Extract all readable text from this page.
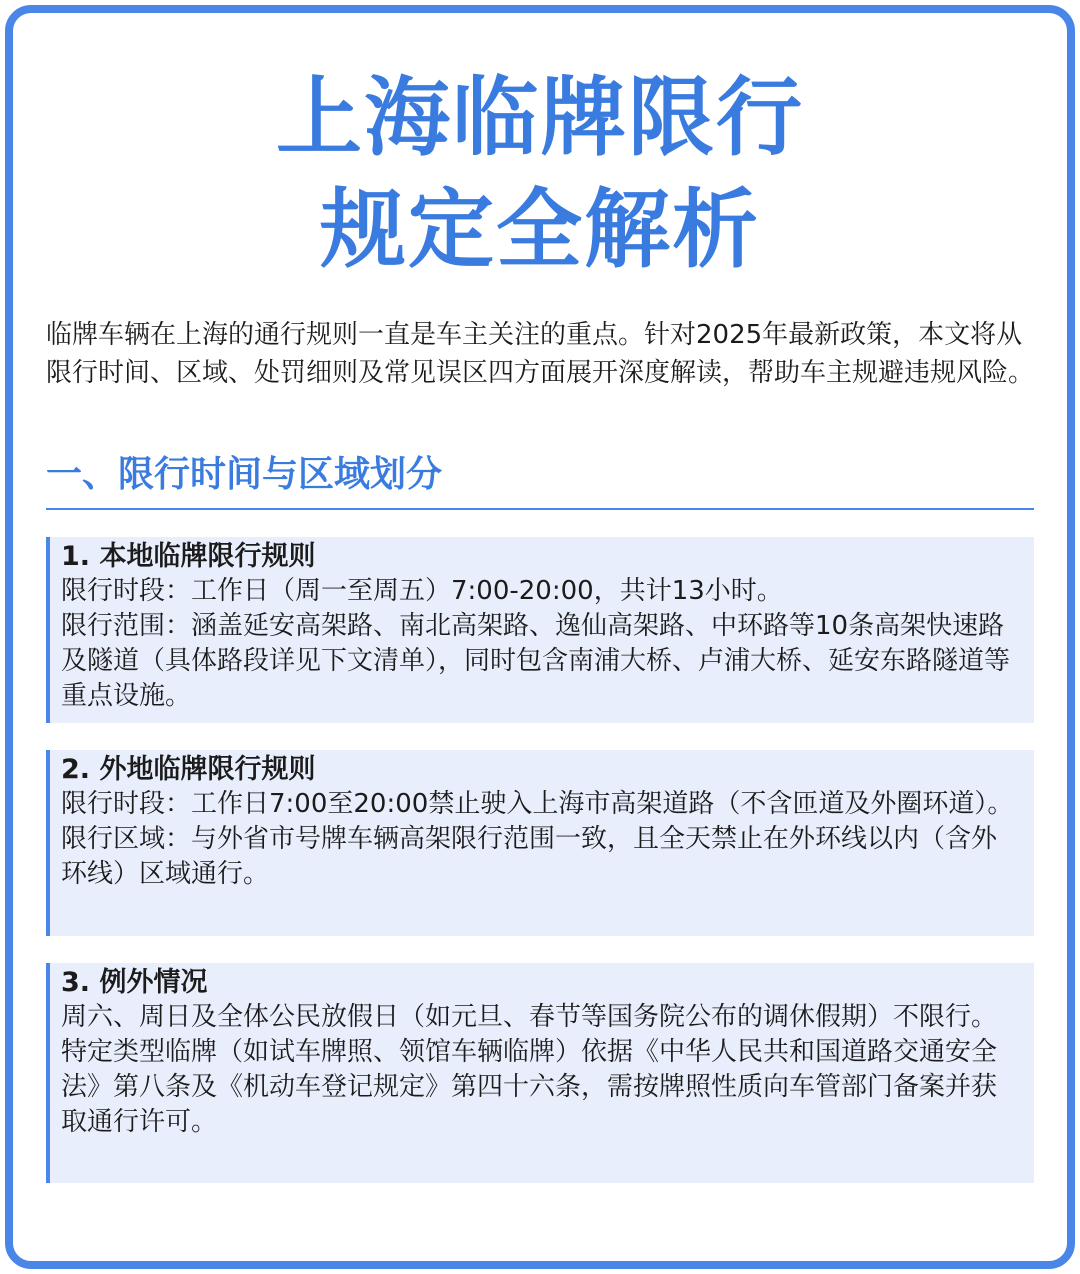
上海临牌限行
规定全解析
临牌车辆在上海的通行规则一直是车主关注的重点。针对2025年最新政策，本文将从限行时间、区域、处罚细则及常见误区四方面展开深度解读，帮助车主规避违规风险。
一、限行时间与区域划分
1. 本地临牌限行规则
限行时段：工作日（周一至周五）7:00-20:00，共计13小时。
限行范围：涵盖延安高架路、南北高架路、逸仙高架路、中环路等10条高架快速路及隧道（具体路段详见下文清单），同时包含南浦大桥、卢浦大桥、延安东路隧道等重点设施。
2. 外地临牌限行规则
限行时段：工作日7:00至20:00禁止驶入上海市高架道路（不含匝道及外圈环道）。
限行区域：与外省市号牌车辆高架限行范围一致，且全天禁止在外环线以内（含外环线）区域通行。
3. 例外情况
周六、周日及全体公民放假日（如元旦、春节等国务院公布的调休假期）不限行。
特定类型临牌（如试车牌照、领馆车辆临牌）依据《中华人民共和国道路交通安全法》第八条及《机动车登记规定》第四十六条，需按牌照性质向车管部门备案并获取通行许可。
